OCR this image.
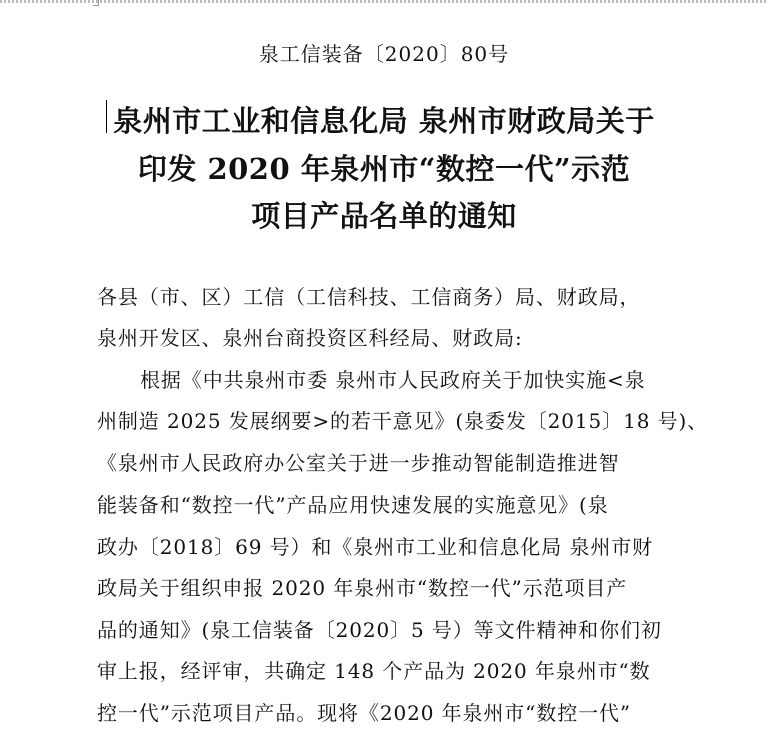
泉工信装备〔2020〕80号
泉州市工业和信息化局 泉州市财政局关于
印发 2020 年泉州市“数控一代”示范
项目产品名单的通知
各县（市、区）工信（工信科技、工信商务）局、财政局，
泉州开发区、泉州台商投资区科经局、财政局:
根据《中共泉州市委 泉州市人民政府关于加快实施<泉
州制造 2025 发展纲要>的若干意见》(泉委发〔2015〕18 号)、
《泉州市人民政府办公室关于进一步推动智能制造推进智
能装备和“数控一代”产品应用快速发展的实施意见》(泉
政办〔2018〕69 号）和《泉州市工业和信息化局 泉州市财
政局关于组织申报 2020 年泉州市“数控一代”示范项目产
品的通知》(泉工信装备〔2020〕5 号）等文件精神和你们初
审上报，经评审，共确定 148 个产品为 2020 年泉州市“数
控一代”示范项目产品。现将《2020 年泉州市“数控一代”
